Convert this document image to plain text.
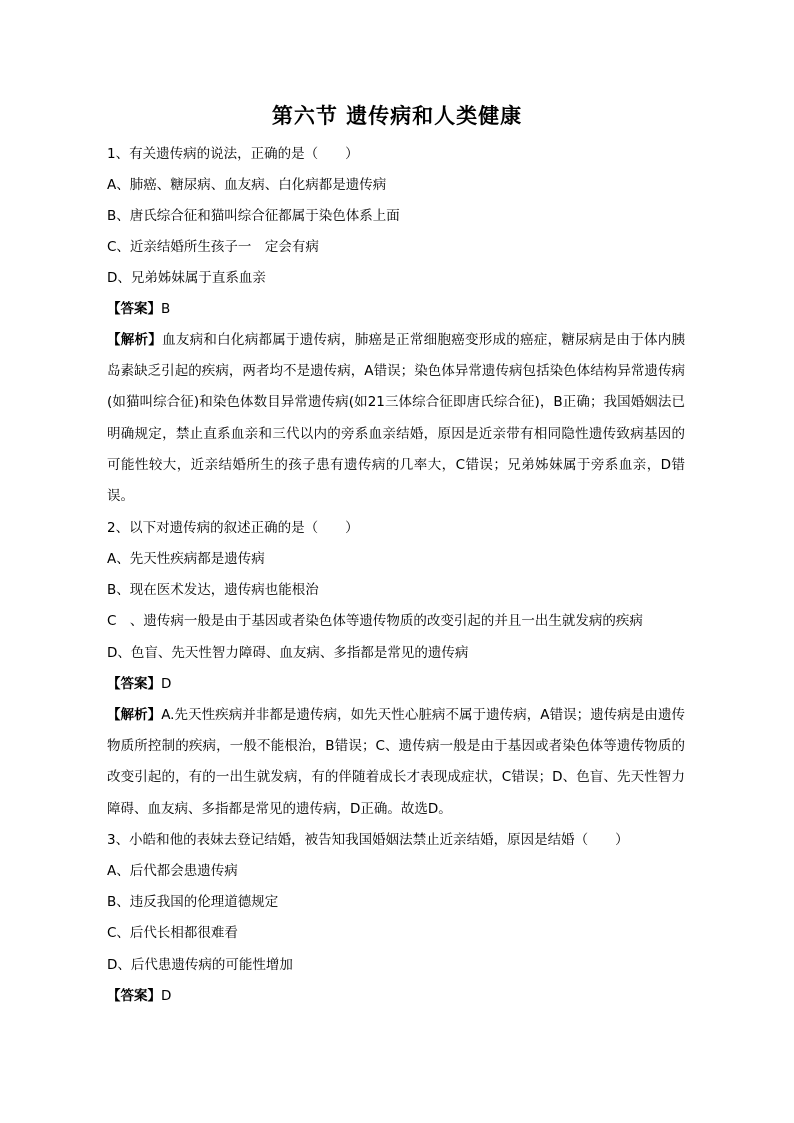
第六节 遗传病和人类健康
1、有关遗传病的说法，正确的是（　　）
A、肺癌、糖尿病、血友病、白化病都是遗传病
B、唐氏综合征和猫叫综合征都属于染色体系上面
C、近亲结婚所生孩子一　定会有病
D、兄弟姊妹属于直系血亲
【答案】B
【解析】血友病和白化病都属于遗传病，肺癌是正常细胞癌变形成的癌症，糖尿病是由于体内胰岛素缺乏引起的疾病，两者均不是遗传病，A错误；染色体异常遗传病包括染色体结构异常遗传病(如猫叫综合征)和染色体数目异常遗传病(如21三体综合征即唐氏综合征)，B正确；我国婚姻法已明确规定，禁止直系血亲和三代以内的旁系血亲结婚，原因是近亲带有相同隐性遗传致病基因的可能性较大，近亲结婚所生的孩子患有遗传病的几率大，C错误；兄弟姊妹属于旁系血亲，D错误。
2、以下对遗传病的叙述正确的是（　　）
A、先天性疾病都是遗传病
B、现在医术发达，遗传病也能根治
C　、遗传病一般是由于基因或者染色体等遗传物质的改变引起的并且一出生就发病的疾病
D、色盲、先天性智力障碍、血友病、多指都是常见的遗传病
【答案】D
【解析】A.先天性疾病并非都是遗传病，如先天性心脏病不属于遗传病，A错误；遗传病是由遗传物质所控制的疾病，一般不能根治，B错误；C、遗传病一般是由于基因或者染色体等遗传物质的改变引起的，有的一出生就发病，有的伴随着成长才表现成症状，C错误；D、色盲、先天性智力障碍、血友病、多指都是常见的遗传病，D正确。故选D。
3、小皓和他的表妹去登记结婚，被告知我国婚姻法禁止近亲结婚，原因是结婚（　　）
A、后代都会患遗传病
B、违反我国的伦理道德规定
C、后代长相都很难看
D、后代患遗传病的可能性增加
【答案】D
